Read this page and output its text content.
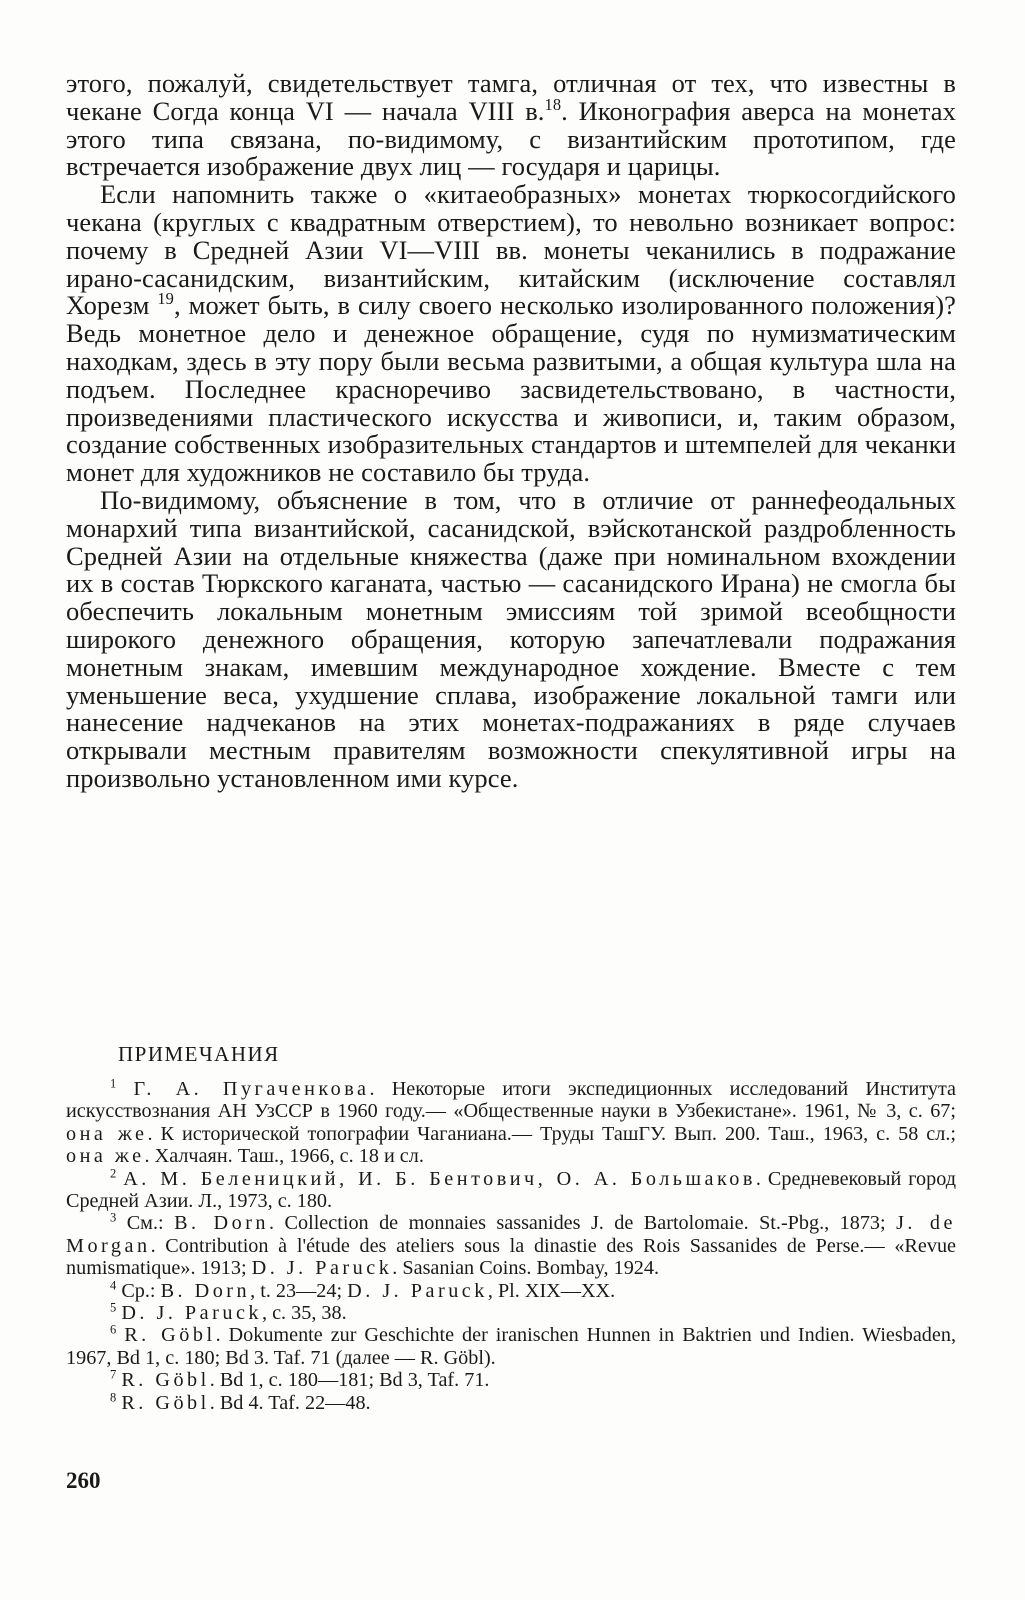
этого, пожалуй, свидетельствует тамга, отличная от тех, что известны в чекане Согда конца VI — начала VIII в.$^{18}$. Иконография аверса на монетах этого типа связана, по-видимому, с византийским прототипом, где встречается изображение двух лиц — государя и царицы.

Если напомнить также о «китаеобразных» монетах тюркосогдийского чекана (круглых с квадратным отверстием), то невольно возникает вопрос: почему в Средней Азии VI—VIII вв. монеты чеканились в подражание ирано-сасанидским, византийским, китайским (исключение составлял Хорезм $^{19}$, может быть, в силу своего несколько изолированного положения)? Ведь монетное дело и денежное обращение, судя по нумизматическим находкам, здесь в эту пору были весьма развитыми, а общая культура шла на подъем. Последнее красноречиво засвидетельствовано, в частности, произведениями пластического искусства и живописи, и, таким образом, создание собственных изобразительных стандартов и штемпелей для чеканки монет для художников не составило бы труда.

По-видимому, объяснение в том, что в отличие от раннефеодальных монархий типа византийской, сасанидской, вэйскотанской раздробленность Средней Азии на отдельные княжества (даже при номинальном вхождении их в состав Тюркского каганата, частью — сасанидского Ирана) не смогла бы обеспечить локальным монетным эмиссиям той зримой всеобщности широкого денежного обращения, которую запечатлевали подражания монетным знакам, имевшим международное хождение. Вместе с тем уменьшение веса, ухудшение сплава, изображение локальной тамги или нанесение надчеканов на этих монетах-подражаниях в ряде случаев открывали местным правителям возможности спекулятивной игры на произвольно установленном ими курсе.

ПРИМЕЧАНИЯ

$^1$ Г. А. Пугаченкова. Некоторые итоги экспедиционных исследований Института искусствознания АН УзССР в 1960 году.— «Общественные науки в Узбекистане». 1961, № 3, с. 67; она же. К исторической топографии Чаганиана.— Труды ТашГУ. Вып. 200. Таш., 1963, с. 58 сл.; она же. Халчаян. Таш., 1966, с. 18 и сл.

$^2$ А. М. Беленицкий, И. Б. Бентович, О. А. Большаков. Средневековый город Средней Азии. Л., 1973, с. 180.

$^3$ См.: B. Dorn. Collection de monnaies sassanides J. de Bartolomaie. St.-Pbg., 1873; J. de Morgan. Contribution à l'étude des ateliers sous la dinastie des Rois Sassanides de Perse.— «Revue numismatique». 1913; D. J. Paruck. Sasanian Coins. Bombay, 1924.

$^4$ Ср.: B. Dorn, t. 23—24; D. J. Paruck, Pl. XIX—XX.

$^5$ D. J. Paruck, c. 35, 38.

$^6$ R. Göbl. Dokumente zur Geschichte der iranischen Hunnen in Baktrien und Indien. Wiesbaden, 1967, Bd 1, c. 180; Bd 3. Taf. 71 (далее — R. Göbl).

$^7$ R. Göbl. Bd 1, c. 180—181; Bd 3, Taf. 71.

$^8$ R. Göbl. Bd 4. Taf. 22—48.

260
